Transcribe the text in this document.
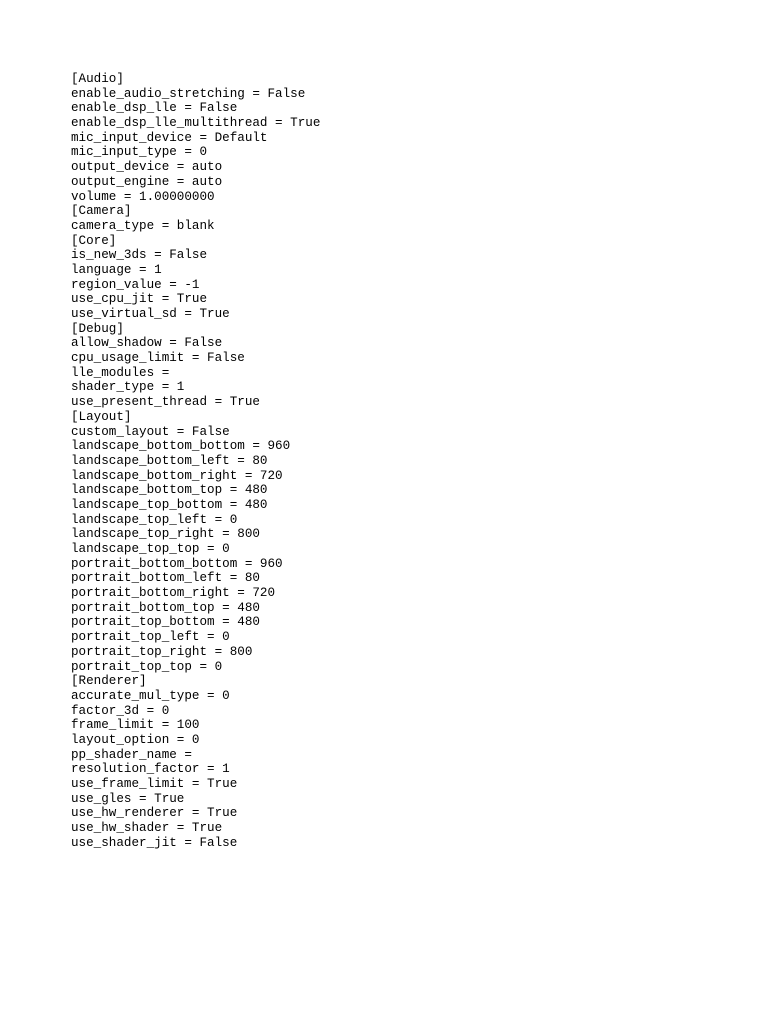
[Audio]
enable_audio_stretching = False
enable_dsp_lle = False
enable_dsp_lle_multithread = True
mic_input_device = Default
mic_input_type = 0
output_device = auto
output_engine = auto
volume = 1.00000000
[Camera]
camera_type = blank
[Core]
is_new_3ds = False
language = 1
region_value = -1
use_cpu_jit = True
use_virtual_sd = True
[Debug]
allow_shadow = False
cpu_usage_limit = False
lle_modules =
shader_type = 1
use_present_thread = True
[Layout]
custom_layout = False
landscape_bottom_bottom = 960
landscape_bottom_left = 80
landscape_bottom_right = 720
landscape_bottom_top = 480
landscape_top_bottom = 480
landscape_top_left = 0
landscape_top_right = 800
landscape_top_top = 0
portrait_bottom_bottom = 960
portrait_bottom_left = 80
portrait_bottom_right = 720
portrait_bottom_top = 480
portrait_top_bottom = 480
portrait_top_left = 0
portrait_top_right = 800
portrait_top_top = 0
[Renderer]
accurate_mul_type = 0
factor_3d = 0
frame_limit = 100
layout_option = 0
pp_shader_name =
resolution_factor = 1
use_frame_limit = True
use_gles = True
use_hw_renderer = True
use_hw_shader = True
use_shader_jit = False
